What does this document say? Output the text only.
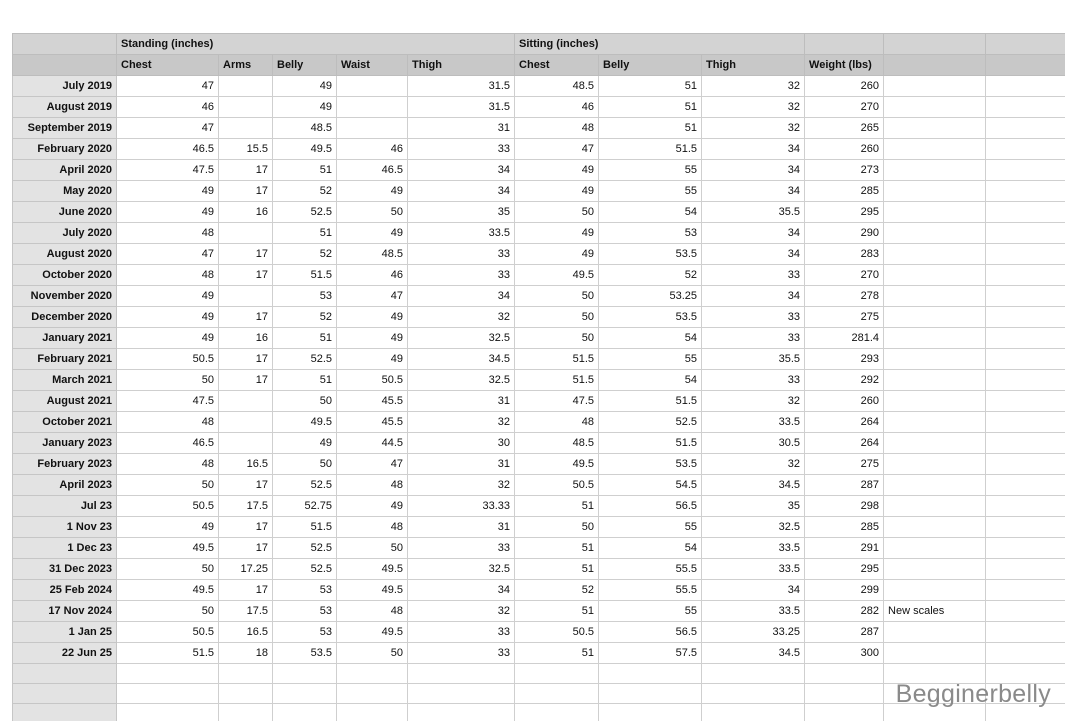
	Standing (inches)					Sitting (inches)					
	Chest	Arms	Belly	Waist	Thigh	Chest	Belly	Thigh	Weight (lbs)		
July 2019	47		49		31.5	48.5	51	32	260		
August 2019	46		49		31.5	46	51	32	270		
September 2019	47		48.5		31	48	51	32	265		
February 2020	46.5	15.5	49.5	46	33	47	51.5	34	260		
April 2020	47.5	17	51	46.5	34	49	55	34	273		
May 2020	49	17	52	49	34	49	55	34	285		
June 2020	49	16	52.5	50	35	50	54	35.5	295		
July 2020	48		51	49	33.5	49	53	34	290		
August 2020	47	17	52	48.5	33	49	53.5	34	283		
October 2020	48	17	51.5	46	33	49.5	52	33	270		
November 2020	49		53	47	34	50	53.25	34	278		
December 2020	49	17	52	49	32	50	53.5	33	275		
January 2021	49	16	51	49	32.5	50	54	33	281.4		
February 2021	50.5	17	52.5	49	34.5	51.5	55	35.5	293		
March 2021	50	17	51	50.5	32.5	51.5	54	33	292		
August 2021	47.5		50	45.5	31	47.5	51.5	32	260		
October 2021	48		49.5	45.5	32	48	52.5	33.5	264		
January 2023	46.5		49	44.5	30	48.5	51.5	30.5	264		
February 2023	48	16.5	50	47	31	49.5	53.5	32	275		
April 2023	50	17	52.5	48	32	50.5	54.5	34.5	287		
Jul 23	50.5	17.5	52.75	49	33.33	51	56.5	35	298		
1 Nov 23	49	17	51.5	48	31	50	55	32.5	285		
1 Dec 23	49.5	17	52.5	50	33	51	54	33.5	291		
31 Dec 2023	50	17.25	52.5	49.5	32.5	51	55.5	33.5	295		
25 Feb 2024	49.5	17	53	49.5	34	52	55.5	34	299		
17 Nov 2024	50	17.5	53	48	32	51	55	33.5	282	New scales	
1 Jan 25	50.5	16.5	53	49.5	33	50.5	56.5	33.25	287		
22 Jun 25	51.5	18	53.5	50	33	51	57.5	34.5	300		

Begginerbelly
